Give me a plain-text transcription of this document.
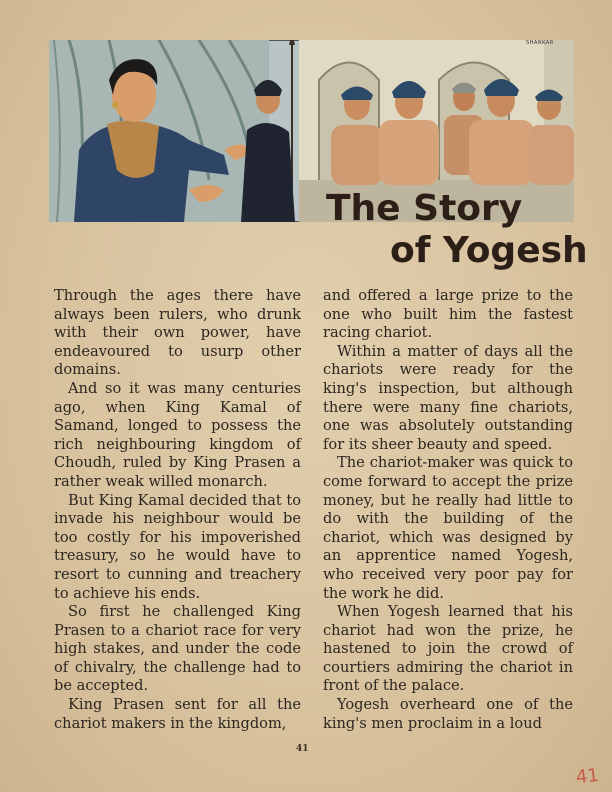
SHANKAR
The Story
of Yogesh

Through the ages there have always been rulers, who drunk with their own power, have endeavoured to usurp other domains.

And so it was many centuries ago, when King Kamal of Samand, longed to possess the rich neighbouring kingdom of Choudh, ruled by King Prasen a rather weak willed monarch.

But King Kamal decided that to invade his neighbour would be too costly for his impoverished treasury, so he would have to resort to cunning and treachery to achieve his ends.

So first he challenged King Prasen to a chariot race for very high stakes, and under the code of chivalry, the challenge had to be accepted.

King Prasen sent for all the chariot makers in the kingdom,

and offered a large prize to the one who built him the fastest racing chariot.

Within a matter of days all the chariots were ready for the king's inspection, but although there were many fine chariots, one was absolutely outstanding for its sheer beauty and speed.

The chariot-maker was quick to come forward to accept the prize money, but he really had little to do with the building of the chariot, which was designed by an apprentice named Yogesh, who received very poor pay for the work he did.

When Yogesh learned that his chariot had won the prize, he hastened to join the crowd of courtiers admiring the chariot in front of the palace.

Yogesh overheard one of the king's men proclaim in a loud

41
41
